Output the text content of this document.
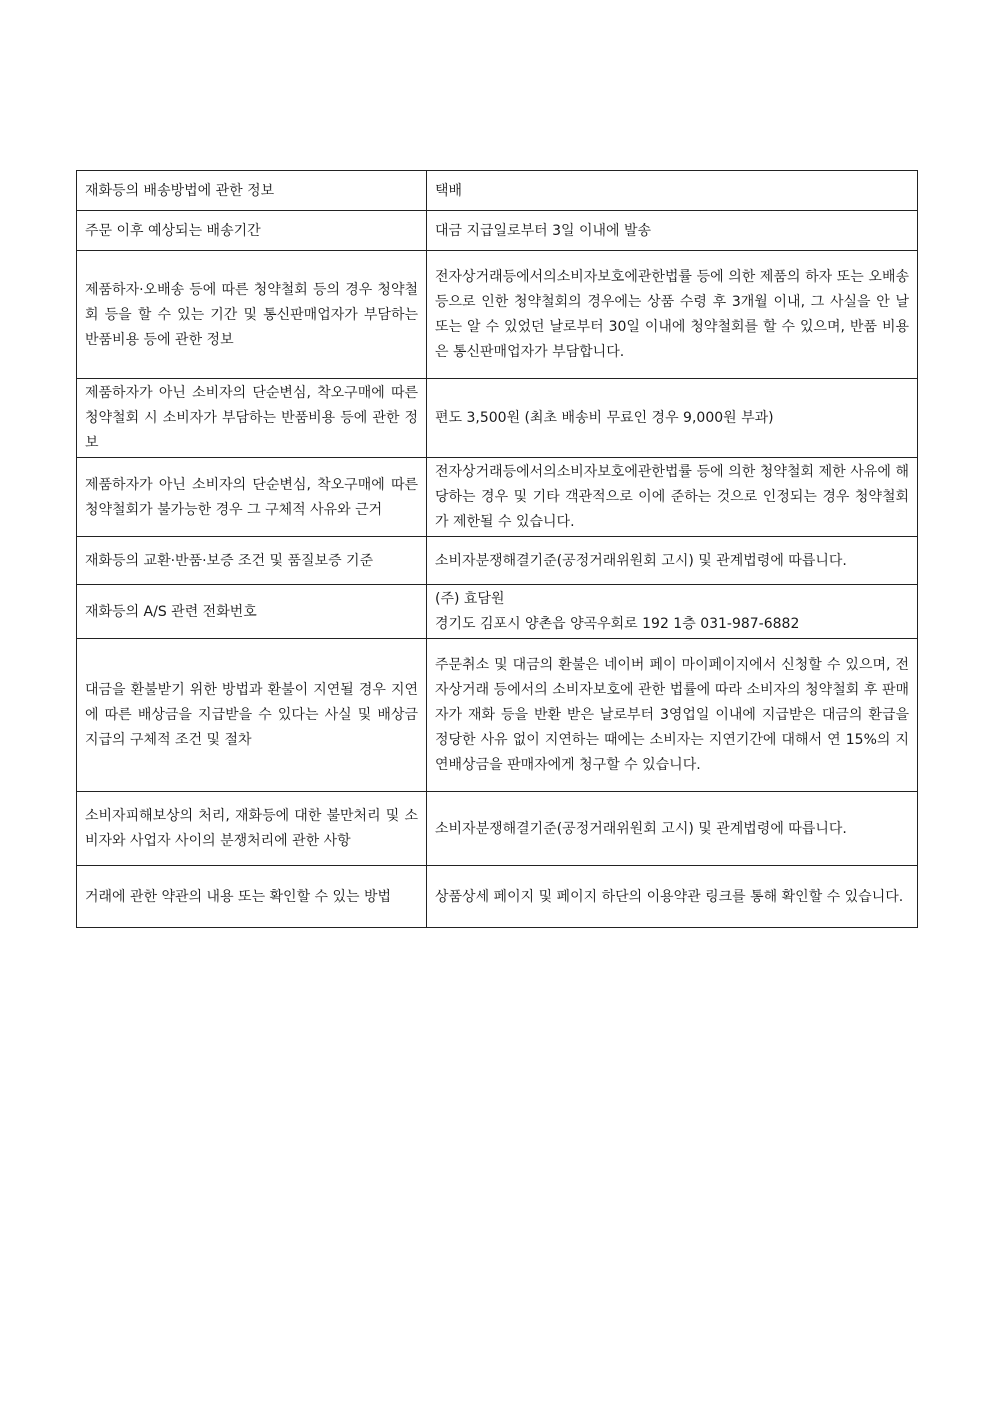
재화등의 배송방법에 관한 정보	택배
주문 이후 예상되는 배송기간	대금 지급일로부터 3일 이내에 발송
제품하자·오배송 등에 따른 청약철회 등의 경우 청약철회 등을 할 수 있는 기간 및 통신판매업자가 부담하는 반품비용 등에 관한 정보	전자상거래등에서의소비자보호에관한법률 등에 의한 제품의 하자 또는 오배송 등으로 인한 청약철회의 경우에는 상품 수령 후 3개월 이내, 그 사실을 안 날 또는 알 수 있었던 날로부터 30일 이내에 청약철회를 할 수 있으며, 반품 비용은 통신판매업자가 부담합니다.
제품하자가 아닌 소비자의 단순변심, 착오구매에 따른 청약철회 시 소비자가 부담하는 반품비용 등에 관한 정보	편도 3,500원 (최초 배송비 무료인 경우 9,000원 부과)
제품하자가 아닌 소비자의 단순변심, 착오구매에 따른 청약철회가 불가능한 경우 그 구체적 사유와 근거	전자상거래등에서의소비자보호에관한법률 등에 의한 청약철회 제한 사유에 해당하는 경우 및 기타 객관적으로 이에 준하는 것으로 인정되는 경우 청약철회가 제한될 수 있습니다.
재화등의 교환·반품·보증 조건 및 품질보증 기준	소비자분쟁해결기준(공정거래위원회 고시) 및 관계법령에 따릅니다.
재화등의 A/S 관련 전화번호	(주) 효담원
경기도 김포시 양촌읍 양곡우회로 192 1층 031-987-6882

대금을 환불받기 위한 방법과 환불이 지연될 경우 지연에 따른 배상금을 지급받을 수 있다는 사실 및 배상금 지급의 구체적 조건 및 절차	주문취소 및 대금의 환불은 네이버 페이 마이페이지에서 신청할 수 있으며, 전자상거래 등에서의 소비자보호에 관한 법률에 따라 소비자의 청약철회 후 판매자가 재화 등을 반환 받은 날로부터 3영업일 이내에 지급받은 대금의 환급을 정당한 사유 없이 지연하는 때에는 소비자는 지연기간에 대해서 연 15%의 지연배상금을 판매자에게 청구할 수 있습니다.
소비자피해보상의 처리, 재화등에 대한 불만처리 및 소비자와 사업자 사이의 분쟁처리에 관한 사항	소비자분쟁해결기준(공정거래위원회 고시) 및 관계법령에 따릅니다.
거래에 관한 약관의 내용 또는 확인할 수 있는 방법	상품상세 페이지 및 페이지 하단의 이용약관 링크를 통해 확인할 수 있습니다.
